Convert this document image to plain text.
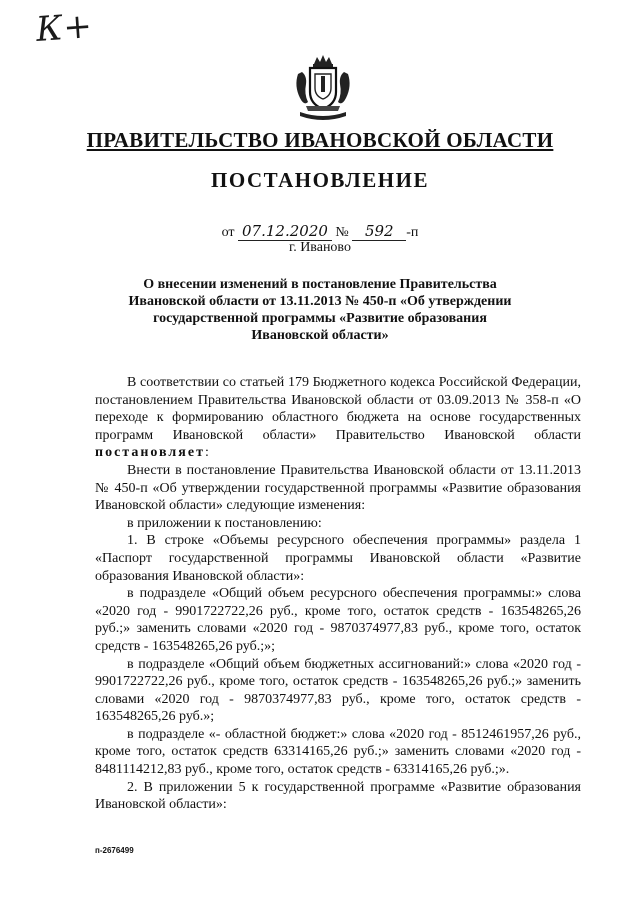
К+
ПРАВИТЕЛЬСТВО ИВАНОВСКОЙ ОБЛАСТИ
ПОСТАНОВЛЕНИЕ
от 07.12.2020 № 592 -п
г. Иваново
О внесении изменений в постановление Правительства Ивановской области от 13.11.2013 № 450-п «Об утверждении государственной программы «Развитие образования Ивановской области»

В соответствии со статьей 179 Бюджетного кодекса Российской Федерации, постановлением Правительства Ивановской области от 03.09.2013 № 358-п «О переходе к формированию областного бюджета на основе государственных программ Ивановской области» Правительство Ивановской области постановляет:

Внести в постановление Правительства Ивановской области от 13.11.2013 № 450-п «Об утверждении государственной программы «Развитие образования Ивановской области» следующие изменения:

в приложении к постановлению:

1. В строке «Объемы ресурсного обеспечения программы» раздела 1 «Паспорт государственной программы Ивановской области «Развитие образования Ивановской области»:

в подразделе «Общий объем ресурсного обеспечения программы:» слова «2020 год - 9901722722,26 руб., кроме того, остаток средств - 163548265,26 руб.;» заменить словами «2020 год - 9870374977,83 руб., кроме того, остаток средств - 163548265,26 руб.;»;

в подразделе «Общий объем бюджетных ассигнований:» слова «2020 год - 9901722722,26 руб., кроме того, остаток средств - 163548265,26 руб.;» заменить словами «2020 год - 9870374977,83 руб., кроме того, остаток средств - 163548265,26 руб.»;

в подразделе «- областной бюджет:» слова «2020 год - 8512461957,26 руб., кроме того, остаток средств 63314165,26 руб.;» заменить словами «2020 год - 8481114212,83 руб., кроме того, остаток средств - 63314165,26 руб.;».

2. В приложении 5 к государственной программе «Развитие образования Ивановской области»:

п-2676499
